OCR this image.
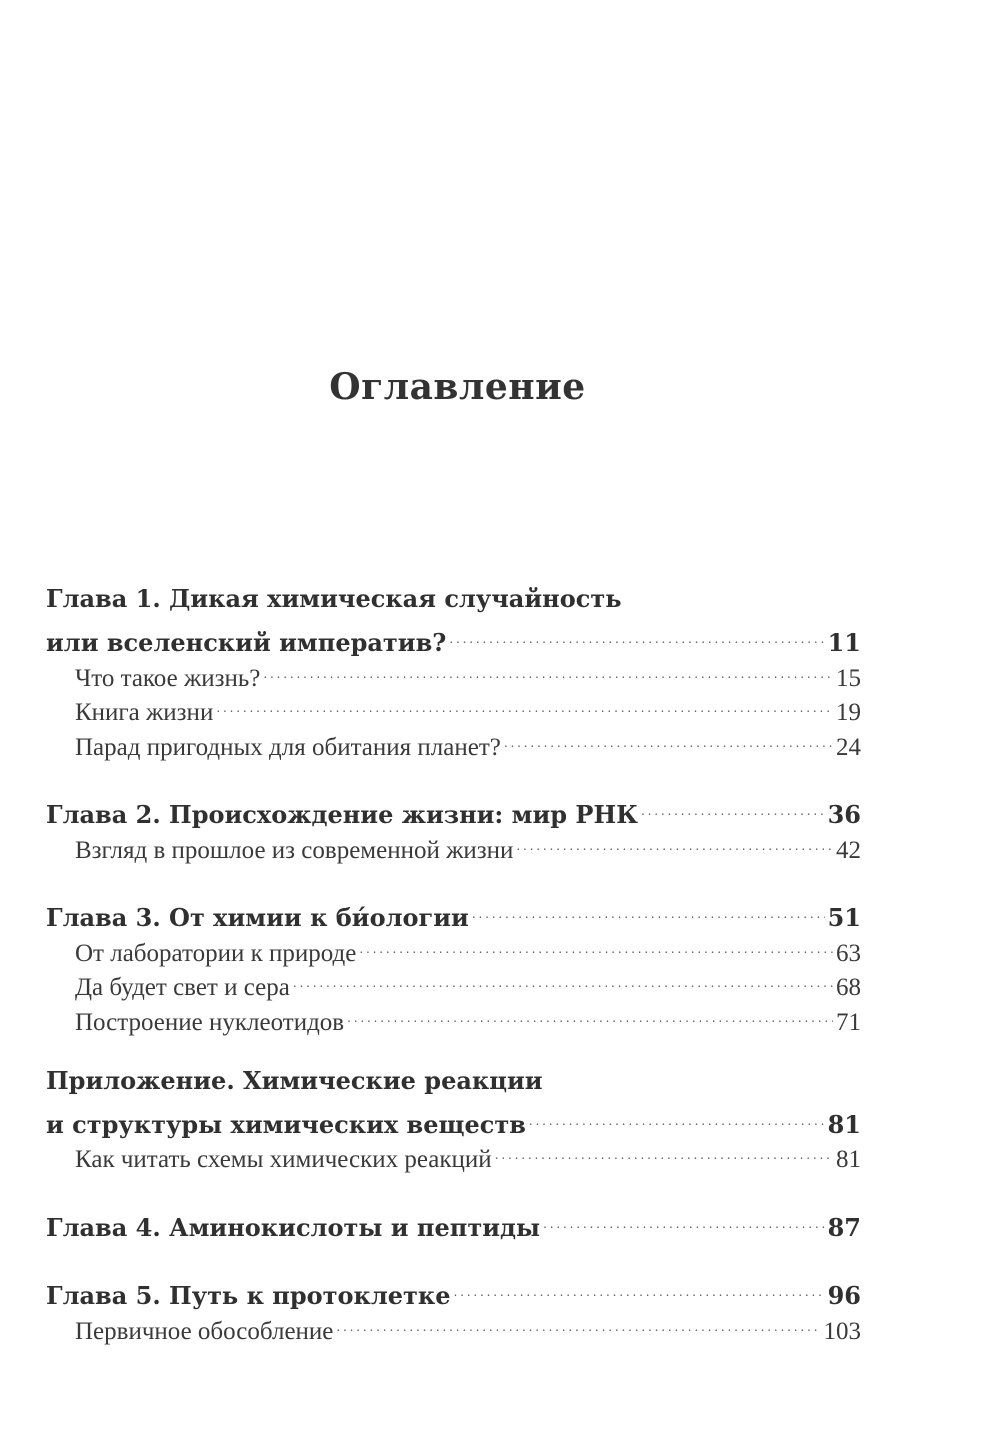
Оглавление
Глава 1. Дикая химическая случайность
или вселенский императив? . . .	11
Что такое жизнь? . . .	15
Книга жизни . . .	19
Парад пригодных для обитания планет? . . .	24
Глава 2. Происхождение жизни: мир РНК . . .	36
Взгляд в прошлое из современной жизни . . .	42
Глава 3. От химии к би́ологии . . .	51
От лаборатории к природе . . .	63
Да будет свет и сера . . .	68
Построение нуклеотидов . . .	71
Приложение. Химические реакции
и структуры химических веществ . . .	81
Как читать схемы химических реакций . . .	81
Глава 4. Аминокислоты и пептиды . . .	87
Глава 5. Путь к протоклетке . . .	96
Первичное обособление . . .	103
